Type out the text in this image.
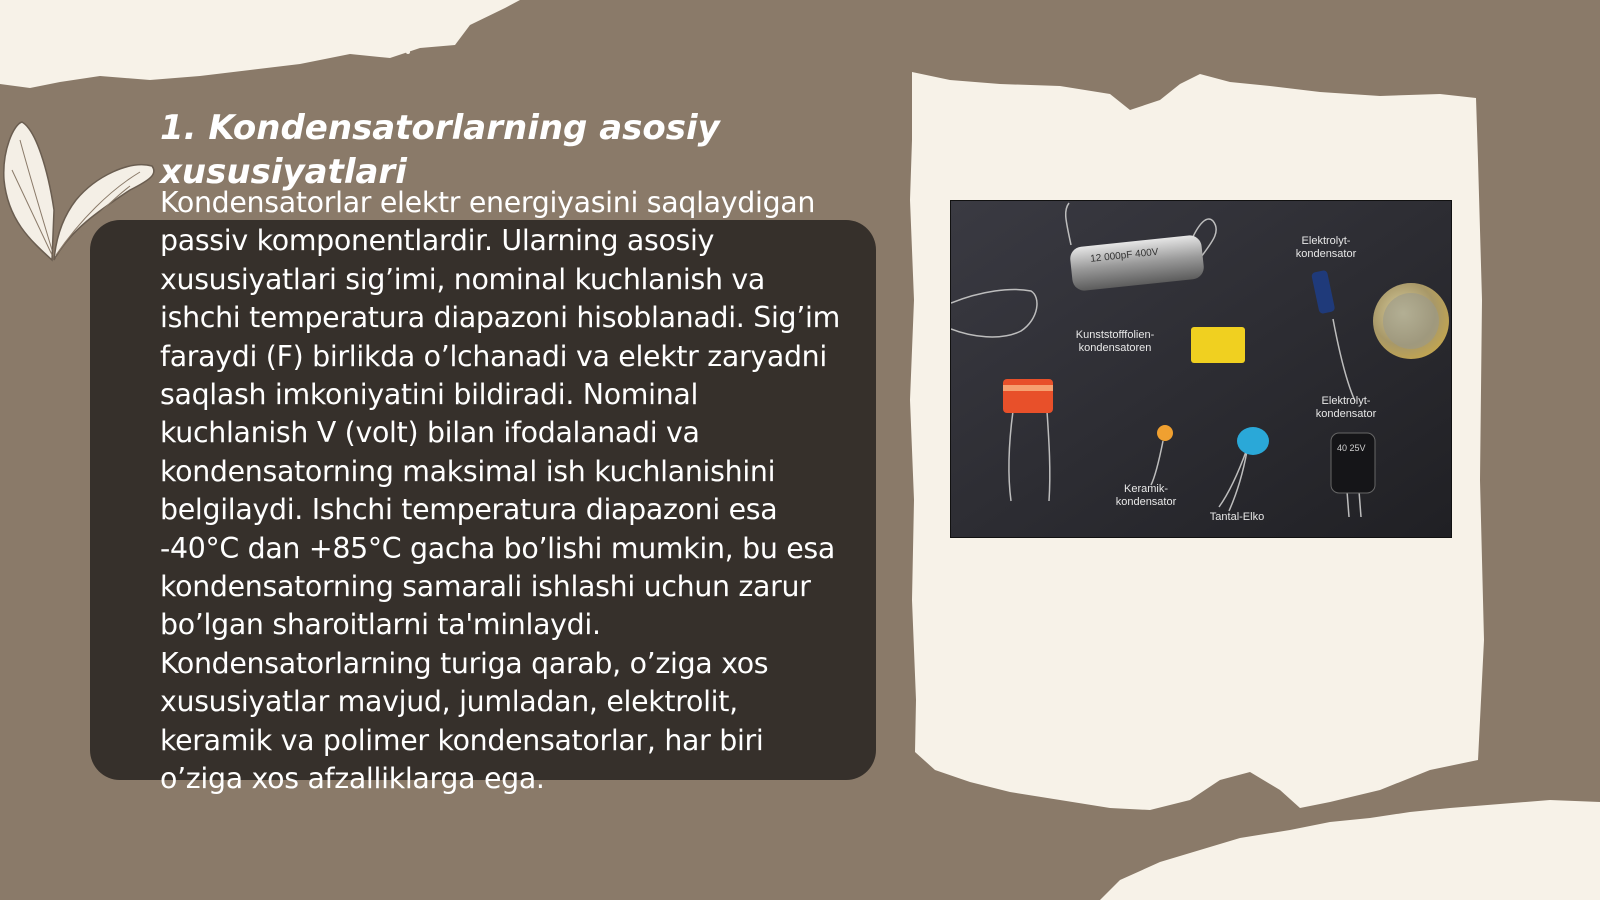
1. Kondensatorlarning asosiy xususiyatlari

Kondensatorlar elektr energiyasini saqlaydigan passiv komponentlardir. Ularning asosiy xususiyatlari sig’imi, nominal kuchlanish va ishchi temperatura diapazoni hisoblanadi. Sig’im faraydi (F) birlikda o’lchanadi va elektr zaryadni saqlash imkoniyatini bildiradi. Nominal kuchlanish V (volt) bilan ifodalanadi va kondensatorning maksimal ish kuchlanishini belgilaydi. Ishchi temperatura diapazoni esa -40°C dan +85°C gacha bo’lishi mumkin, bu esa kondensatorning samarali ishlashi uchun zarur bo’lgan sharoitlarni ta'minlaydi. Kondensatorlarning turiga qarab, o’ziga xos xususiyatlar mavjud, jumladan, elektrolit, keramik va polimer kondensatorlar, har biri o’ziga xos afzalliklarga ega.

12 000pF 400V
40 25V
Elektrolyt-
kondensator
Kunststofffolien-
kondensatoren
Elektrolyt-
kondensator
Keramik-
kondensator
Tantal-Elko
